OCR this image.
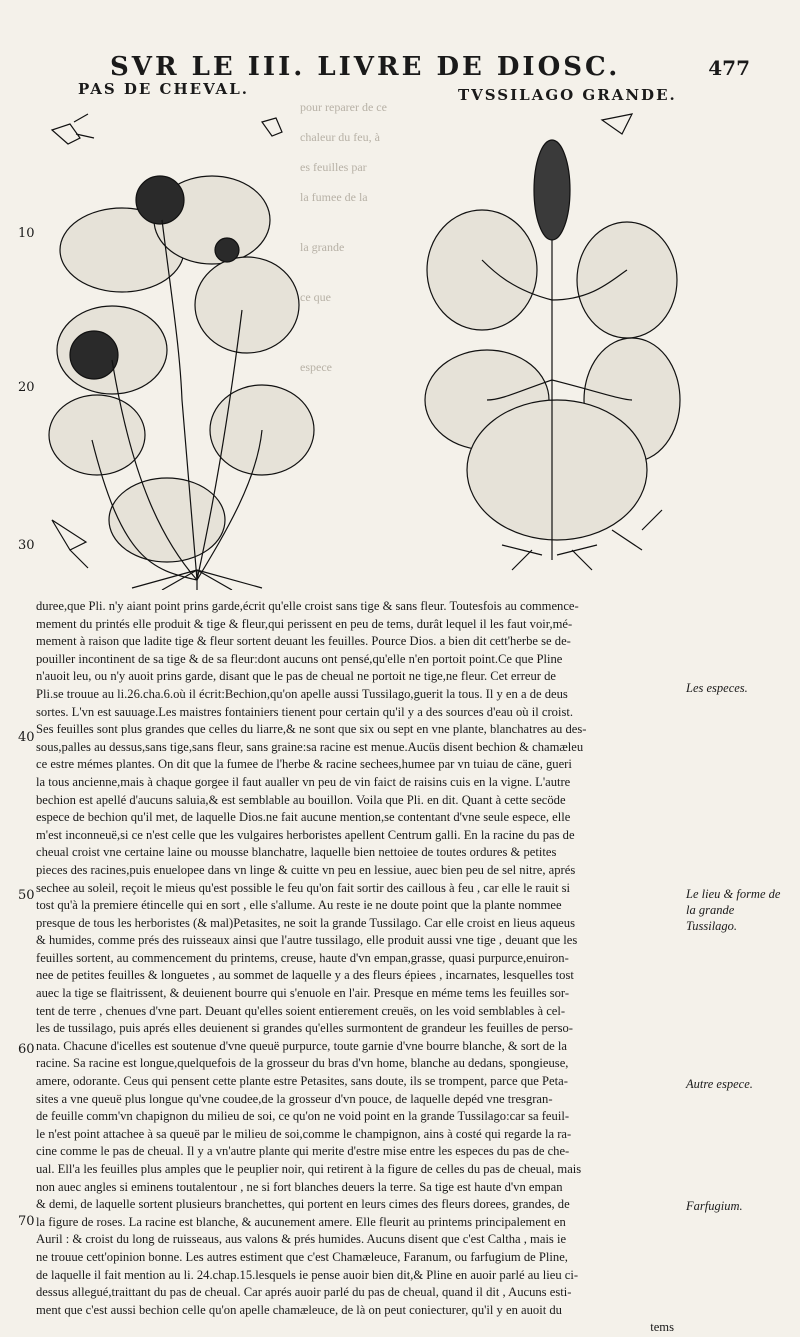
SVR LE III. LIVRE DE DIOSC.	477
PAS DE CHEVAL.	TVSSILAGO GRANDE.
pour reparer de ce
chaleur du feu, à
es feuilles par
la fumee de la
la grande
ce que
espece
10
20
30
40
50
60
70

duree,que Pli. n'y aiant point prins garde,écrit qu'elle croist sans tige & sans fleur. Toutesfois au commence-

mement du printés elle produit & tige & fleur,qui perissent en peu de tems, durât lequel il les faut voir,mé-

mement à raison que ladite tige & fleur sortent deuant les feuilles. Pource Dios. a bien dit cett'herbe se de-

pouiller incontinent de sa tige & de sa fleur:dont aucuns ont pensé,qu'elle n'en portoit point.Ce que Pline

n'auoit leu, ou n'y auoit prins garde, disant que le pas de cheual ne portoit ne tige,ne fleur. Cet erreur de

Pli.se trouue au li.26.cha.6.où il écrit:Bechion,qu'on apelle aussi Tussilago,guerit la tous. Il y en a de deus

sortes. L'vn est sauuage.Les maistres fontainiers tienent pour certain qu'il y a des sources d'eau où il croist.

Ses feuilles sont plus grandes que celles du liarre,& ne sont que six ou sept en vne plante, blanchatres au des-

sous,palles au dessus,sans tige,sans fleur, sans graine:sa racine est menue.Aucüs disent bechion & chamæleu

ce estre mémes plantes. On dit que la fumee de l'herbe & racine sechees,humee par vn tuiau de cäne, gueri

la tous ancienne,mais à chaque gorgee il faut aualler vn peu de vin faict de raisins cuis en la vigne. L'autre

bechion est apellé d'aucuns saluia,& est semblable au bouillon. Voila que Pli. en dit. Quant à cette secöde

espece de bechion qu'il met, de laquelle Dios.ne fait aucune mention,se contentant d'vne seule espece, elle

m'est inconneuë,si ce n'est celle que les vulgaires herboristes apellent Centrum galli. En la racine du pas de

cheual croist vne certaine laine ou mousse blanchatre, laquelle bien nettoiee de toutes ordures & petites

pieces des racines,puis enuelopee dans vn linge & cuitte vn peu en lessiue, auec bien peu de sel nitre, aprés

sechee au soleil, reçoit le mieus qu'est possible le feu qu'on fait sortir des caillous à feu , car elle le rauit si

tost qu'à la premiere étincelle qui en sort , elle s'allume. Au reste ie ne doute point que la plante nommee

presque de tous les herboristes (& mal)Petasites, ne soit la grande Tussilago. Car elle croist en lieus aqueus

& humides, comme prés des ruisseaux ainsi que l'autre tussilago, elle produit aussi vne tige , deuant que les

feuilles sortent, au commencement du printems, creuse, haute d'vn empan,grasse, quasi purpurce,enuiron-

nee de petites feuilles & longuetes , au sommet de laquelle y a des fleurs épiees , incarnates, lesquelles tost

auec la tige se flaitrissent, & deuienent bourre qui s'enuole en l'air. Presque en méme tems les feuilles sor-

tent de terre , chenues d'vne part. Deuant qu'elles soient entierement creuës, on les void semblables à cel-

les de tussilago, puis aprés elles deuienent si grandes qu'elles surmontent de grandeur les feuilles de perso-

nata. Chacune d'icelles est soutenue d'vne queuë purpurce, toute garnie d'vne bourre blanche, & sort de la

racine. Sa racine est longue,quelquefois de la grosseur du bras d'vn home, blanche au dedans, spongieuse,

amere, odorante. Ceus qui pensent cette plante estre Petasites, sans doute, ils se trompent, parce que Peta-

sites a vne queuë plus longue qu'vne coudee,de la grosseur d'vn pouce, de laquelle depéd vne tresgran-

de feuille comm'vn chapignon du milieu de soi, ce qu'on ne void point en la grande Tussilago:car sa feuil-

le n'est point attachee à sa queuë par le milieu de soi,comme le champignon, ains à costé qui regarde la ra-

cine comme le pas de cheual. Il y a vn'autre plante qui merite d'estre mise entre les especes du pas de che-

ual. Ell'a les feuilles plus amples que le peuplier noir, qui retirent à la figure de celles du pas de cheual, mais

non auec angles si eminens toutalentour , ne si fort blanches deuers la terre. Sa tige est haute d'vn empan

& demi, de laquelle sortent plusieurs branchettes, qui portent en leurs cimes des fleurs dorees, grandes, de

la figure de roses. La racine est blanche, & aucunement amere. Elle fleurit au printems principalement en

Auril : & croist du long de ruisseaus, aus valons & prés humides. Aucuns disent que c'est Caltha , mais ie

ne trouue cett'opinion bonne. Les autres estiment que c'est Chamæleuce, Faranum, ou farfugium de Pline,

de laquelle il fait mention au li. 24.chap.15.lesquels ie pense auoir bien dit,& Pline en auoir parlé au lieu ci-

dessus allegué,traittant du pas de cheual. Car aprés auoir parlé du pas de cheual, quand il dit , Aucuns esti-

ment que c'est aussi bechion celle qu'on apelle chamæleuce, de là on peut coniecturer, qu'il y en auoit du

tems

Les especes.
Le lieu & forme de la grande Tussilago.
Autre espece.
Farfugium.
